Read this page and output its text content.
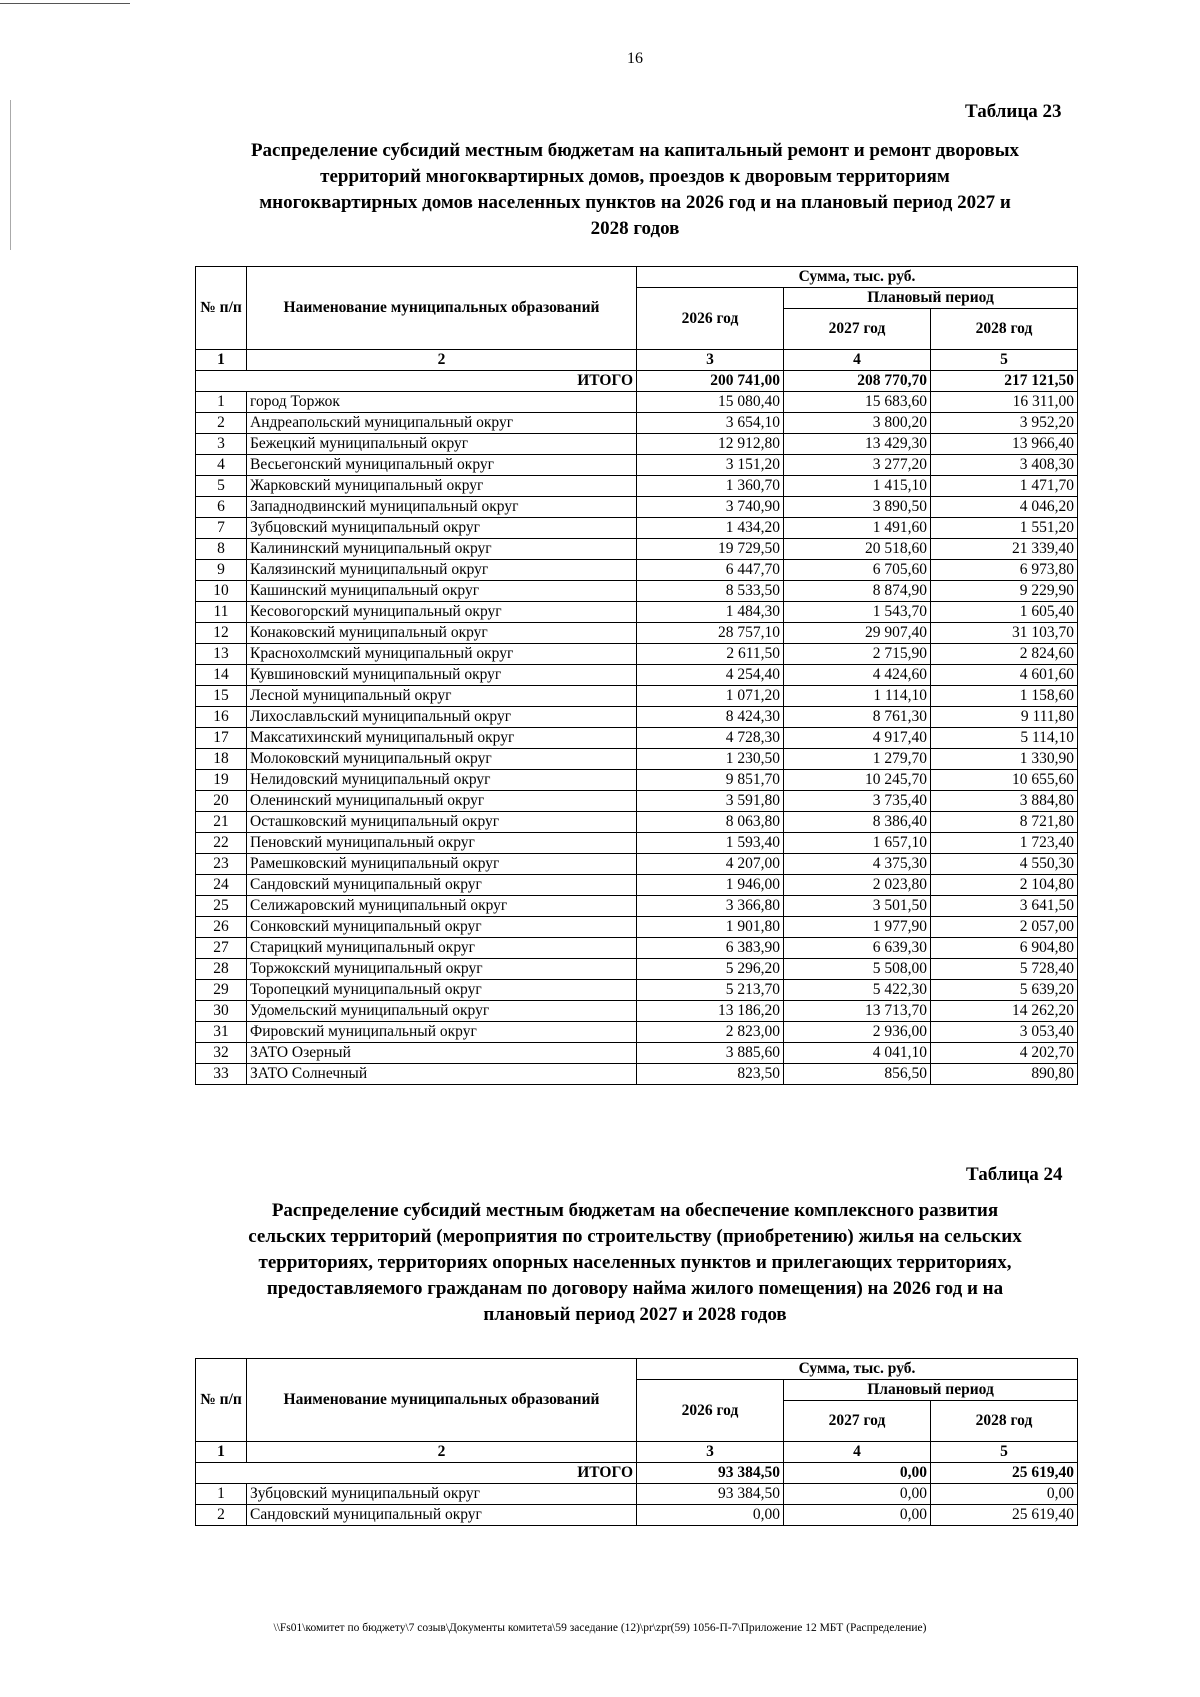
16
Таблица 23
Распределение субсидий местным бюджетам на капитальный ремонт и ремонт дворовых
территорий многоквартирных домов, проездов к дворовым территориям
многоквартирных домов населенных пунктов на 2026 год и на плановый период 2027 и
2028 годов
№ п/п	Наименование муниципальных образований	Сумма, тыс. руб.		
		2026 год	Плановый период	
			2027 год	2028 год
1	2	3	4	5
ИТОГО		200 741,00	208 770,70	217 121,50
1	город Торжок	15 080,40	15 683,60	16 311,00
2	Андреапольский муниципальный округ	3 654,10	3 800,20	3 952,20
3	Бежецкий муниципальный округ	12 912,80	13 429,30	13 966,40
4	Весьегонский муниципальный округ	3 151,20	3 277,20	3 408,30
5	Жарковский муниципальный округ	1 360,70	1 415,10	1 471,70
6	Западнодвинский муниципальный округ	3 740,90	3 890,50	4 046,20
7	Зубцовский муниципальный округ	1 434,20	1 491,60	1 551,20
8	Калининский муниципальный округ	19 729,50	20 518,60	21 339,40
9	Калязинский муниципальный округ	6 447,70	6 705,60	6 973,80
10	Кашинский муниципальный округ	8 533,50	8 874,90	9 229,90
11	Кесовогорский муниципальный округ	1 484,30	1 543,70	1 605,40
12	Конаковский муниципальный округ	28 757,10	29 907,40	31 103,70
13	Краснохолмский муниципальный округ	2 611,50	2 715,90	2 824,60
14	Кувшиновский муниципальный округ	4 254,40	4 424,60	4 601,60
15	Лесной муниципальный округ	1 071,20	1 114,10	1 158,60
16	Лихославльский муниципальный округ	8 424,30	8 761,30	9 111,80
17	Максатихинский муниципальный округ	4 728,30	4 917,40	5 114,10
18	Молоковский муниципальный округ	1 230,50	1 279,70	1 330,90
19	Нелидовский муниципальный округ	9 851,70	10 245,70	10 655,60
20	Оленинский муниципальный округ	3 591,80	3 735,40	3 884,80
21	Осташковский муниципальный округ	8 063,80	8 386,40	8 721,80
22	Пеновский муниципальный округ	1 593,40	1 657,10	1 723,40
23	Рамешковский муниципальный округ	4 207,00	4 375,30	4 550,30
24	Сандовский муниципальный округ	1 946,00	2 023,80	2 104,80
25	Селижаровский муниципальный округ	3 366,80	3 501,50	3 641,50
26	Сонковский муниципальный округ	1 901,80	1 977,90	2 057,00
27	Старицкий муниципальный округ	6 383,90	6 639,30	6 904,80
28	Торжокский муниципальный округ	5 296,20	5 508,00	5 728,40
29	Торопецкий муниципальный округ	5 213,70	5 422,30	5 639,20
30	Удомельский муниципальный округ	13 186,20	13 713,70	14 262,20
31	Фировский муниципальный округ	2 823,00	2 936,00	3 053,40
32	ЗАТО Озерный	3 885,60	4 041,10	4 202,70
33	ЗАТО Солнечный	823,50	856,50	890,80
Таблица 24
Распределение субсидий местным бюджетам на обеспечение комплексного развития
сельских территорий (мероприятия по строительству (приобретению) жилья на сельских
территориях, территориях опорных населенных пунктов и прилегающих территориях,
предоставляемого гражданам по договору найма жилого помещения) на 2026 год и на
плановый период 2027 и 2028 годов
№ п/п	Наименование муниципальных образований	Сумма, тыс. руб.		
		2026 год	Плановый период	
			2027 год	2028 год
1	2	3	4	5
ИТОГО		93 384,50	0,00	25 619,40
1	Зубцовский муниципальный округ	93 384,50	0,00	0,00
2	Сандовский муниципальный округ	0,00	0,00	25 619,40
\\Fs01\комитет по бюджету\7 созыв\Документы комитета\59 заседание (12)\pr\zpr(59) 1056-П-7\Приложение 12 МБТ (Распределение)
